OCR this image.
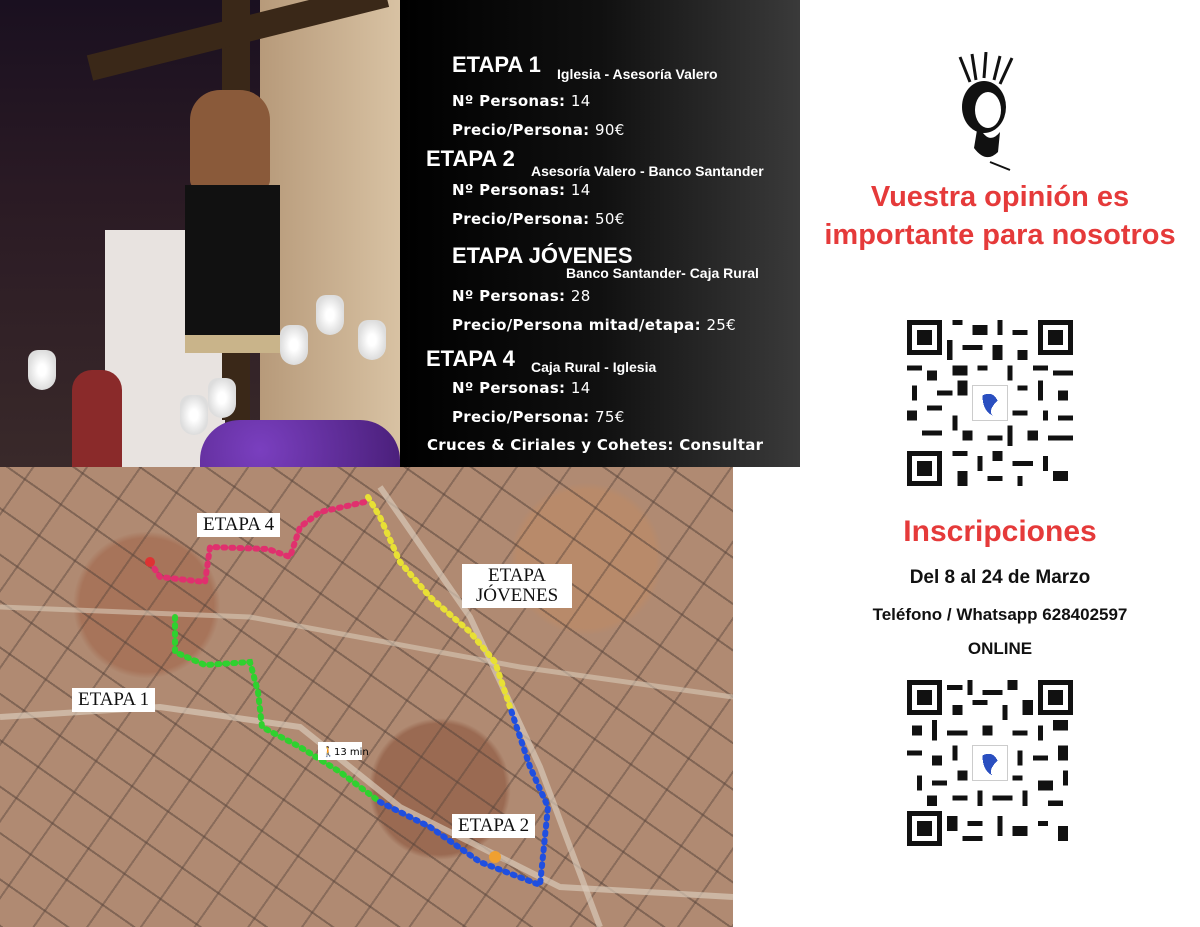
ETAPA 1 Iglesia - Asesoría Valero
Nº Personas: 14
Precio/Persona: 90€
ETAPA 2 Asesoría Valero - Banco Santander
Nº Personas: 14
Precio/Persona: 50€
ETAPA JÓVENES
Banco Santander- Caja Rural
Nº Personas: 28
Precio/Persona mitad/etapa: 25€
ETAPA 4 Caja Rural - Iglesia
Nº Personas: 14
Precio/Persona: 75€
Cruces & Ciriales y Cohetes: Consultar
🚶 13 min
ETAPA 4
ETAPA
JÓVENES
ETAPA 1
ETAPA 2
Vuestra opinión es importante para nosotros
Inscripciones
Del 8 al 24 de Marzo
Teléfono / Whatsapp 628402597
ONLINE
